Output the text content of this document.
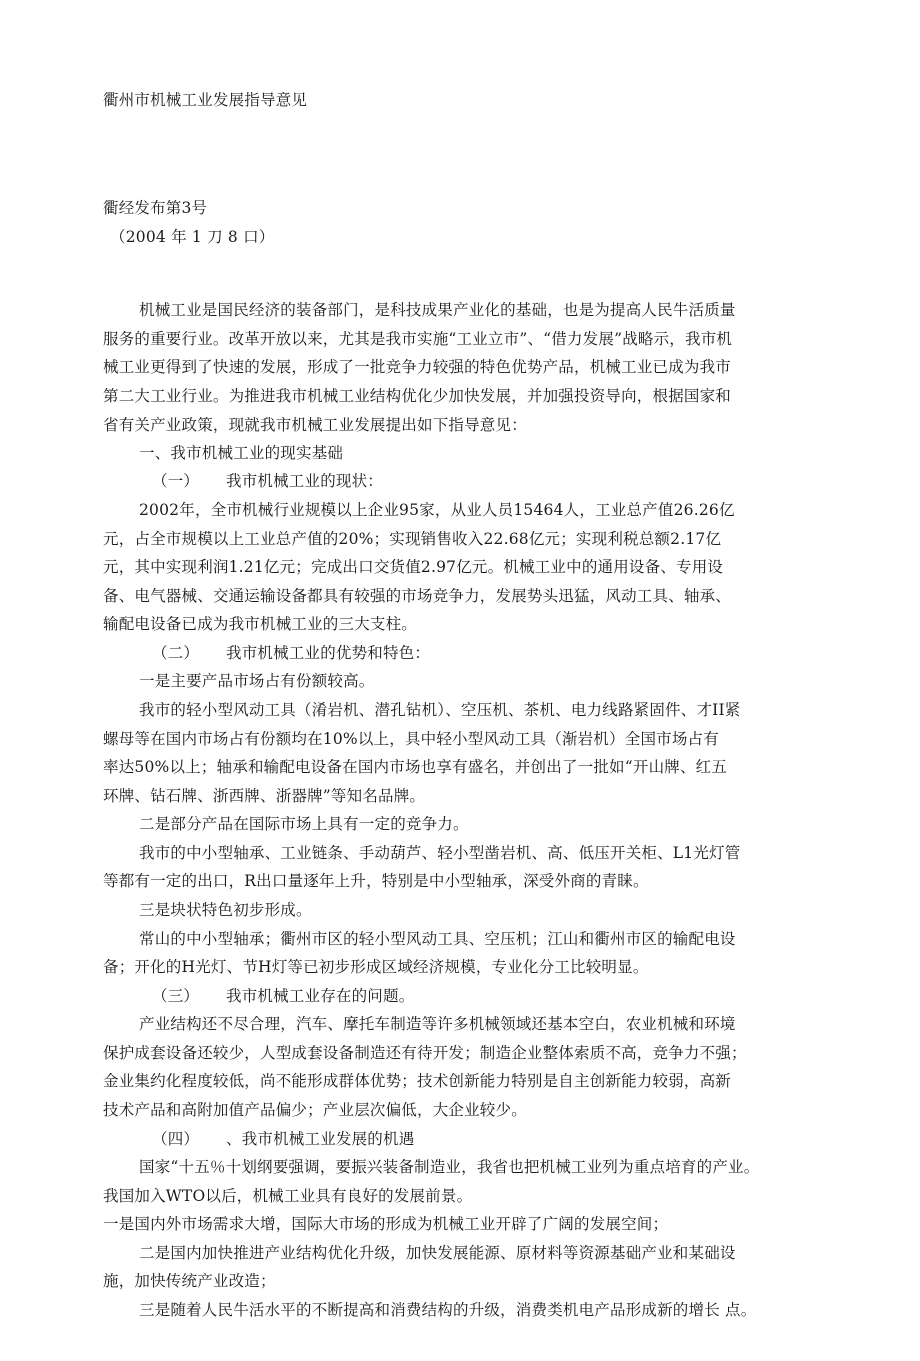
衢州市机械工业发展指导意见
衢经发布第3号
（2004 年 1 刀 8 口）
机械工业是国民经济的装备部门，是科技成果产业化的基础，也是为提高人民牛活质量
服务的重要行业。改革开放以来，尤其是我市实施“工业立市”、“借力发展”战略示，我市机
械工业更得到了快速的发展，形成了一批竞争力较强的特色优势产品，机械工业已成为我市
第二大工业行业。为推进我市机械工业结构优化少加快发展，并加强投资导向，根据国家和
省有关产业政策，现就我市机械工业发展提出如下指导意见：
一、我市机械工业的现实基础
（一） 我市机械工业的现状：
2002年，全市机械行业规模以上企业95家，从业人员15464人，工业总产值26.26亿
元，占全市规模以上工业总产值的20%；实现销售收入22.68亿元；实现利税总额2.17亿
元，其中实现利润1.21亿元；完成出口交货值2.97亿元。机械工业中的通用设备、专用设
备、电气器械、交通运输设备都具有较强的市场竞争力，发展势头迅猛，风动工具、轴承、
输配电设备已成为我市机械工业的三大支柱。
（二） 我市机械工业的优势和特色：
一是主要产品市场占有份额较高。
我市的轻小型风动工具（淆岩机、潜孔钻机）、空压机、茶机、电力线路紧固件、才II紧
螺母等在国内市场占有份额均在10%以上，具中轻小型风动工具（渐岩机）全国市场占有
率达50%以上；轴承和输配电设备在国内市场也享有盛名，并创出了一批如“开山牌、红五
环牌、钻石牌、浙西牌、浙器牌”等知名品牌。
二是部分产品在国际市场上具有一定的竞争力。
我市的中小型轴承、工业链条、手动葫芦、轻小型凿岩机、高、低压开关柜、L1光灯管
等都有一定的出口，R出口量逐年上升，特别是中小型轴承，深受外商的青睐。
三是块状特色初步形成。
常山的中小型轴承；衢州市区的轻小型风动工具、空压机；江山和衢州市区的输配电设
备；开化的H光灯、节H灯等已初步形成区域经济规模，专业化分工比较明显。
（三） 我市机械工业存在的问题。
产业结构还不尽合理，汽车、摩托车制造等许多机械领域还基本空白，农业机械和环境
保护成套设备还较少，人型成套设备制造还有待开发；制造企业整体索质不高，竞争力不强；
金业集约化程度较低，尚不能形成群体优势；技术创新能力特别是自主创新能力较弱，高新
技术产品和高附加值产品偏少；产业层次偏低，大企业较少。
（四） 、我市机械工业发展的机遇
国家“十五％十划纲要强调，要振兴装备制造业，我省也把机械工业列为重点培育的产业。
我国加入WTO以后，机械工业具有良好的发展前景。
一是国内外市场需求大增，国际大市场的形成为机械工业开辟了广阔的发展空间；
二是国内加快推进产业结构优化升级，加快发展能源、原材料等资源基础产业和某础设
施，加快传统产业改造；
三是随着人民牛活水平的不断提高和消费结构的升级，消费类机电产品形成新的增长 点。
